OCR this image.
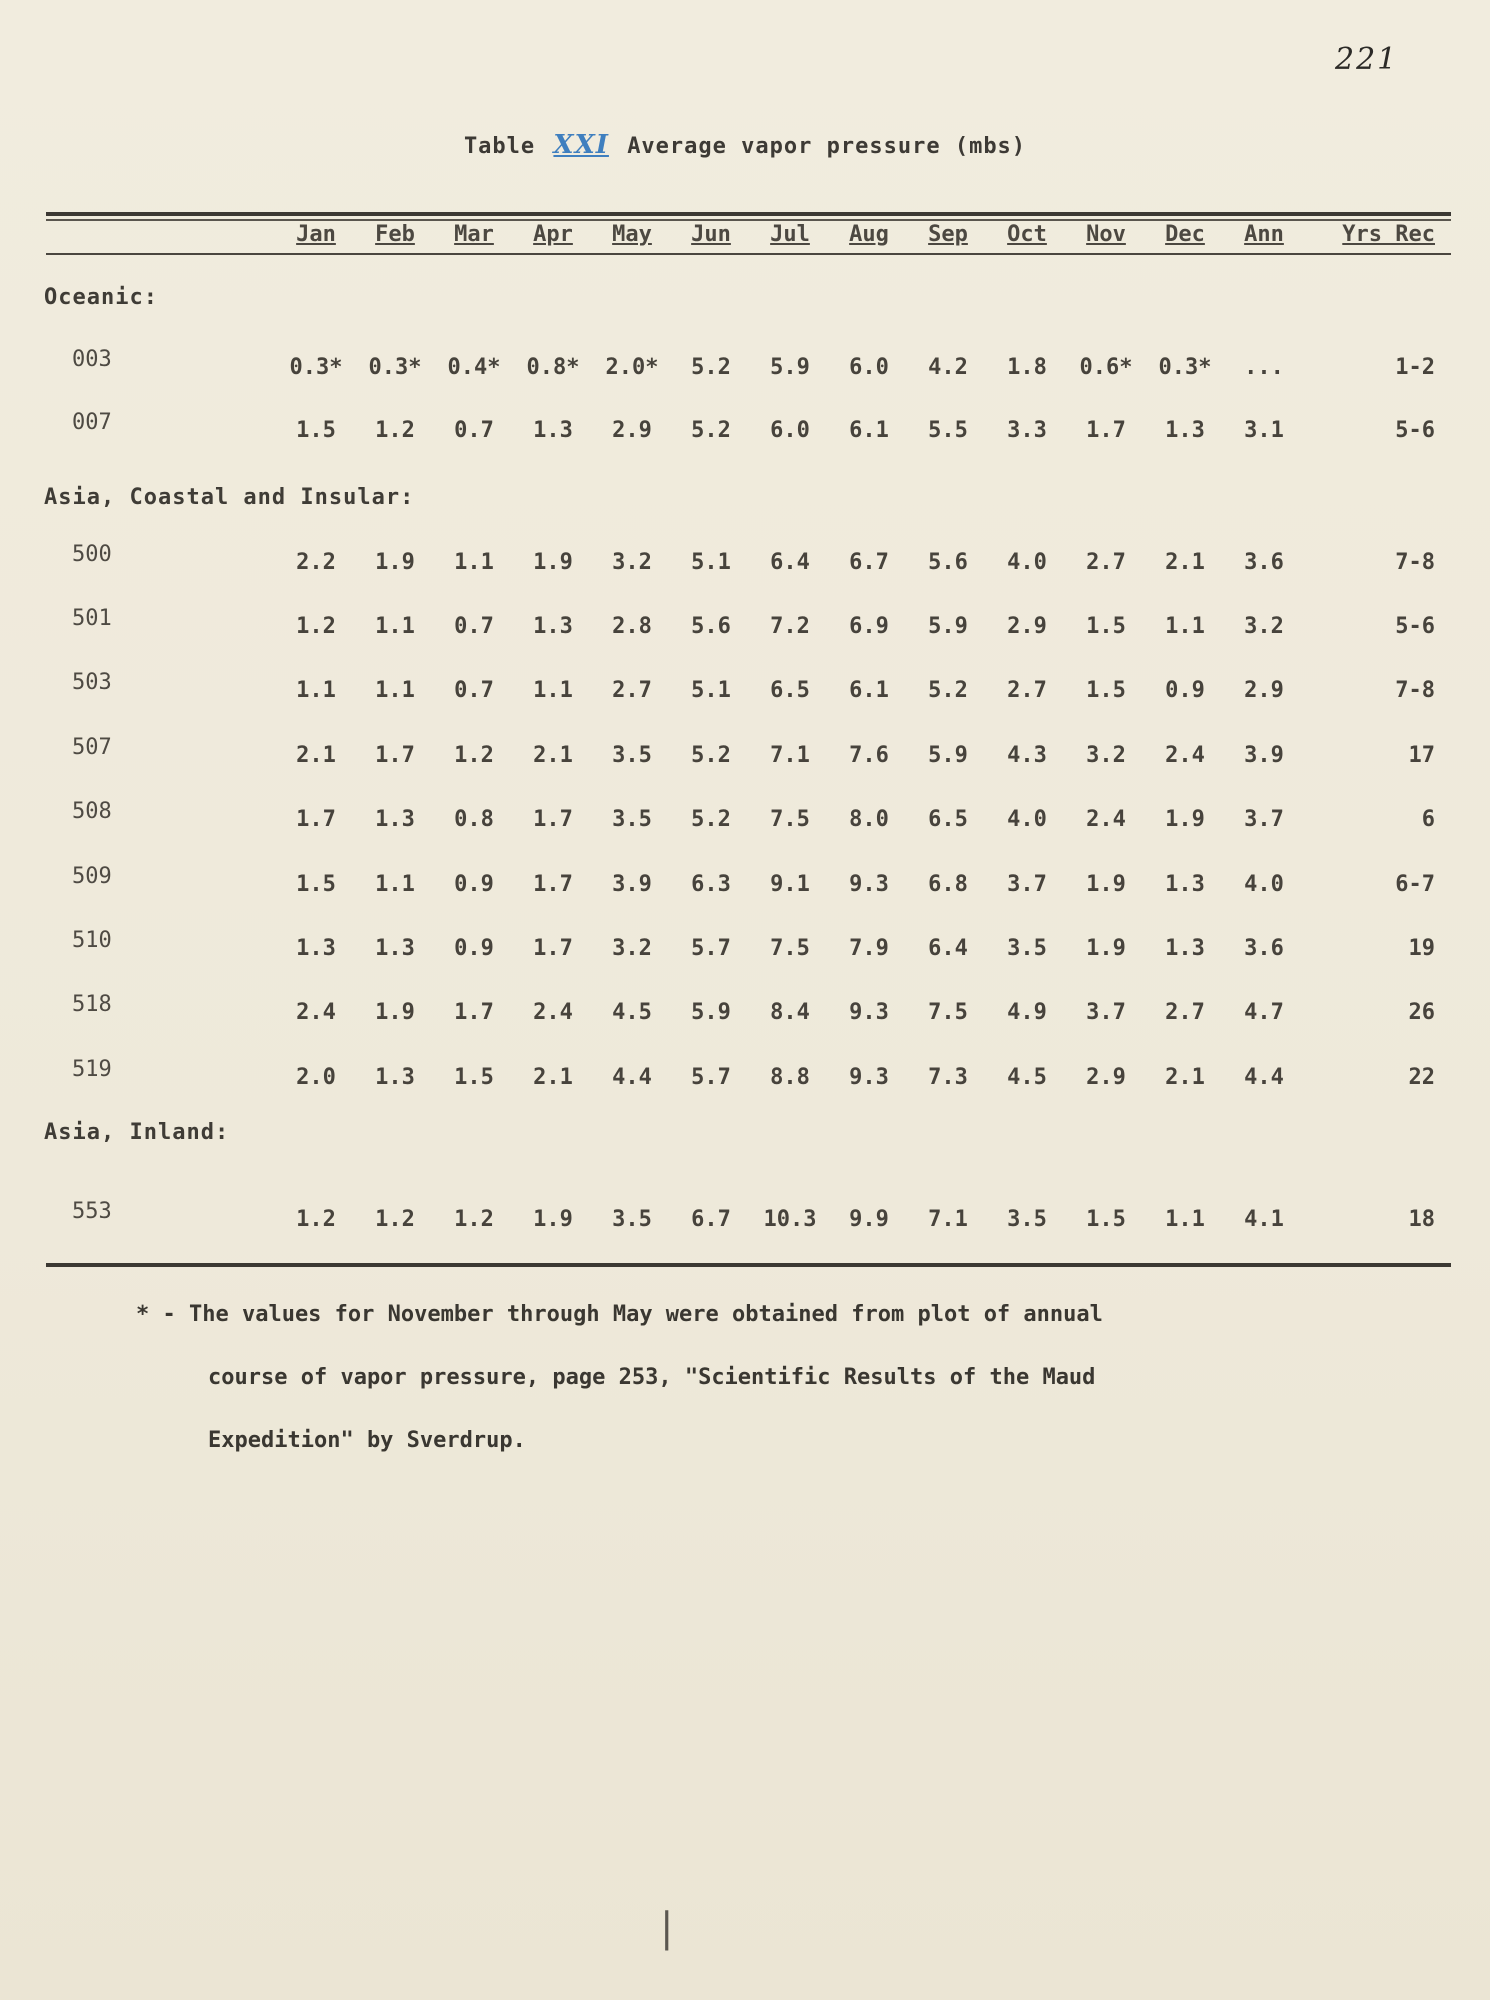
221
Table XXI Average vapor pressure (mbs)
Jan	Feb	Mar	Apr	May	Jun	Jul	Aug	Sep	Oct	Nov	Dec	Ann	Yrs Rec
Oceanic:
003	0.3*	0.3*	0.4*	0.8*	2.0*	5.2	5.9	6.0	4.2	1.8	0.6*	0.3*	...	1-2
007	1.5	1.2	0.7	1.3	2.9	5.2	6.0	6.1	5.5	3.3	1.7	1.3	3.1	5-6
Asia, Coastal and Insular:
500	2.2	1.9	1.1	1.9	3.2	5.1	6.4	6.7	5.6	4.0	2.7	2.1	3.6	7-8
501	1.2	1.1	0.7	1.3	2.8	5.6	7.2	6.9	5.9	2.9	1.5	1.1	3.2	5-6
503	1.1	1.1	0.7	1.1	2.7	5.1	6.5	6.1	5.2	2.7	1.5	0.9	2.9	7-8
507	2.1	1.7	1.2	2.1	3.5	5.2	7.1	7.6	5.9	4.3	3.2	2.4	3.9	17
508	1.7	1.3	0.8	1.7	3.5	5.2	7.5	8.0	6.5	4.0	2.4	1.9	3.7	6
509	1.5	1.1	0.9	1.7	3.9	6.3	9.1	9.3	6.8	3.7	1.9	1.3	4.0	6-7
510	1.3	1.3	0.9	1.7	3.2	5.7	7.5	7.9	6.4	3.5	1.9	1.3	3.6	19
518	2.4	1.9	1.7	2.4	4.5	5.9	8.4	9.3	7.5	4.9	3.7	2.7	4.7	26
519	2.0	1.3	1.5	2.1	4.4	5.7	8.8	9.3	7.3	4.5	2.9	2.1	4.4	22
Asia, Inland:
553	1.2	1.2	1.2	1.9	3.5	6.7	10.3	9.9	7.1	3.5	1.5	1.1	4.1	18
* - The values for November through May were obtained from plot of annual
course of vapor pressure, page 253, "Scientific Results of the Maud
Expedition" by Sverdrup.
|
